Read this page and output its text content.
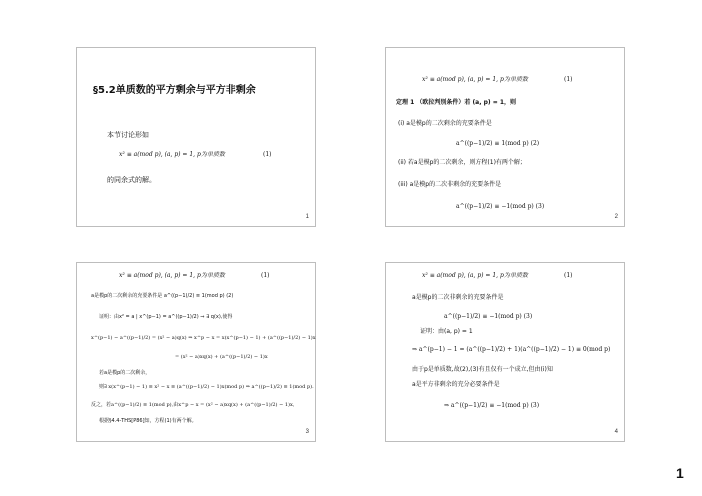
§5.2单质数的平方剩余与平方非剩余
本节讨论形如
x² ≡ a(mod p), (a, p) = 1, p为单质数	(1)
的同余式的解。
1
x² ≡ a(mod p), (a, p) = 1, p为单质数	(1)
定理 1 （欧拉判别条件）若 (a, p) = 1，则
(i) a是模p的二次剩余的充要条件是
a^((p−1)/2) ≡ 1(mod p) (2)
(ii) 若a是模p的二次剩余，则方程(1)有两个解；
(iii) a是模p的二次非剩余的充要条件是
a^((p−1)/2) ≡ −1(mod p) (3)
2
x² ≡ a(mod p), (a, p) = 1, p为单质数	(1)
a是模p的二次剩余的充要条件是 a^((p−1)/2) ≡ 1(mod p) (2)
证明：由x² = a | x^(p−1) = a^((p−1)/2) ⇒ ∃ q(x),使得
x^(p−1) − a^((p−1)/2) = (x² − a)q(x) ⇒ x^p − x = x(x^(p−1) − 1) + (a^((p−1)/2) − 1)x
= (x² − a)xq(x) + (a^((p−1)/2) − 1)x
若a是模p的二次剩余，
则∃ x(x^(p−1) − 1) ≡ x² − x ≡ (a^((p−1)/2) − 1)x(mod p) ⇒ a^((p−1)/2) ≡ 1(mod p).
反之，若a^((p−1)/2) ≡ 1(mod p),由x^p − x = (x² − a)xq(x) + (a^((p−1)/2) − 1)x,
根据§4.4-THS[P86]知，方程(1)有两个解。
3
x² ≡ a(mod p), (a, p) = 1, p为单质数	(1)
a是模p的二次非剩余的充要条件是
a^((p−1)/2) ≡ −1(mod p) (3)
证明：由(a, p) = 1
⇒ a^(p−1) − 1 = (a^((p−1)/2) + 1)(a^((p−1)/2) − 1) ≡ 0(mod p)
由于p是单质数,故(2),(3)有且仅有一个成立,但由(i)知
a是平方非剩余的充分必要条件是
⇒ a^((p−1)/2) ≡ −1(mod p) (3)
4
1
